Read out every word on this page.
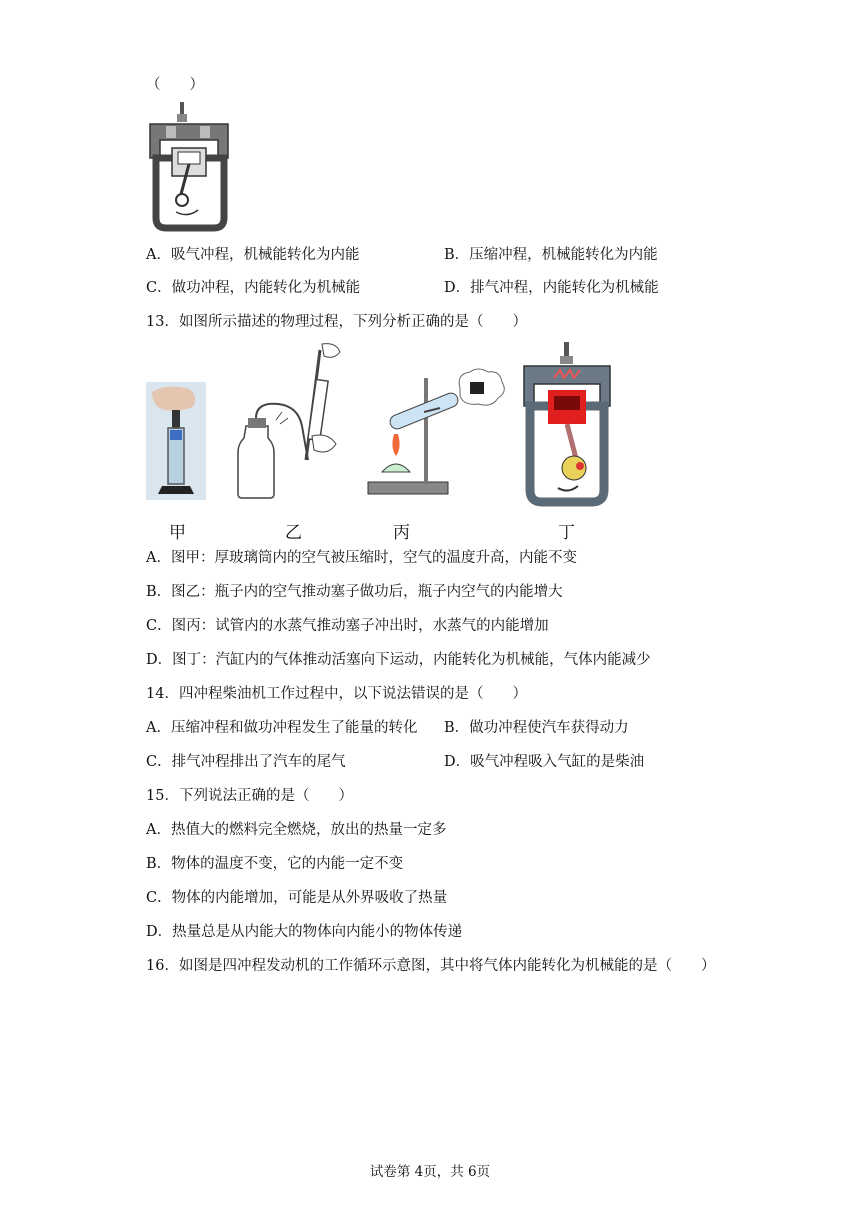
（　　）
A．吸气冲程，机械能转化为内能	B．压缩冲程，机械能转化为内能
C．做功冲程，内能转化为机械能	D．排气冲程，内能转化为机械能
13．如图所示描述的物理过程，下列分析正确的是（　　）
甲	乙	丙	丁
A．图甲：厚玻璃筒内的空气被压缩时，空气的温度升高，内能不变
B．图乙：瓶子内的空气推动塞子做功后，瓶子内空气的内能增大
C．图丙：试管内的水蒸气推动塞子冲出时，水蒸气的内能增加
D．图丁：汽缸内的气体推动活塞向下运动，内能转化为机械能，气体内能减少
14．四冲程柴油机工作过程中，以下说法错误的是（　　）
A．压缩冲程和做功冲程发生了能量的转化 B．做功冲程使汽车获得动力
C．排气冲程排出了汽车的尾气	D．吸气冲程吸入气缸的是柴油
15．下列说法正确的是（　　）
A．热值大的燃料完全燃烧，放出的热量一定多
B．物体的温度不变，它的内能一定不变
C．物体的内能增加，可能是从外界吸收了热量
D．热量总是从内能大的物体向内能小的物体传递
16．如图是四冲程发动机的工作循环示意图，其中将气体内能转化为机械能的是（　　）
试卷第 4页，共 6页
